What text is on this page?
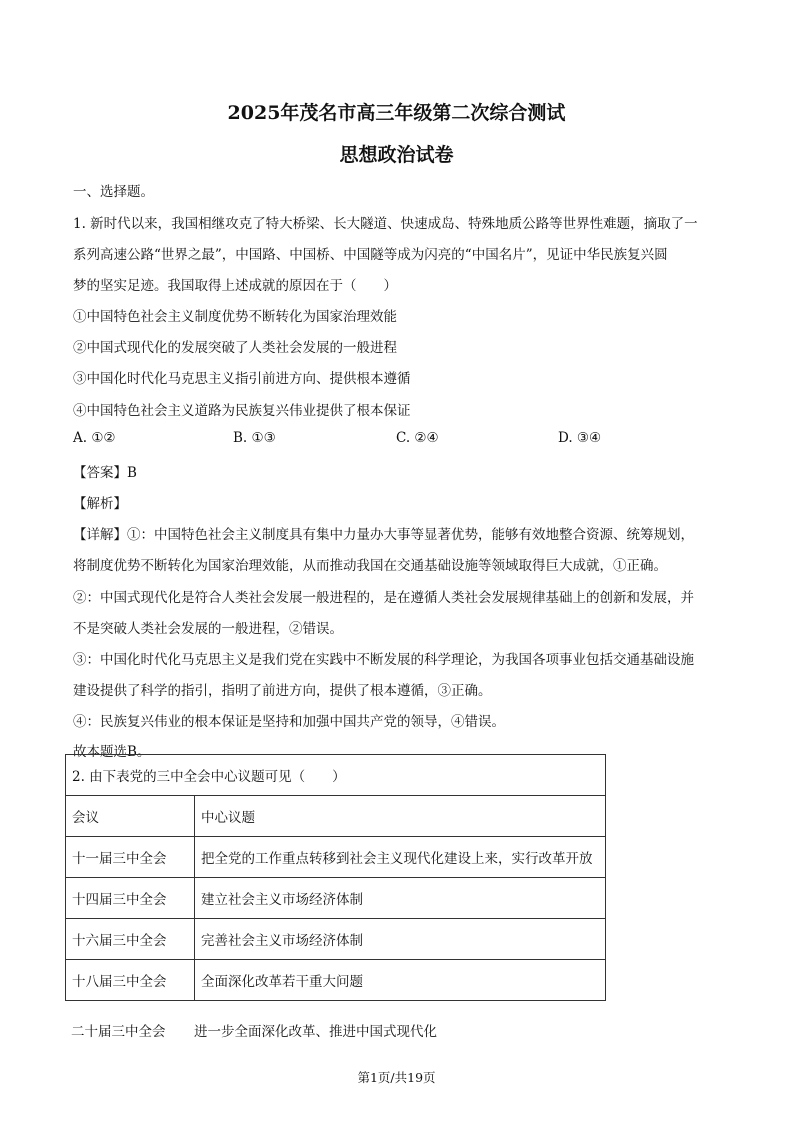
2025年茂名市高三年级第二次综合测试
思想政治试卷
一、选择题。
1. 新时代以来，我国相继攻克了特大桥梁、长大隧道、快速成岛、特殊地质公路等世界性难题，摘取了一
系列高速公路“世界之最”，中国路、中国桥、中国隧等成为闪亮的“中国名片”，见证中华民族复兴圆
梦的坚实足迹。我国取得上述成就的原因在于（　　）
①中国特色社会主义制度优势不断转化为国家治理效能
②中国式现代化的发展突破了人类社会发展的一般进程
③中国化时代化马克思主义指引前进方向、提供根本遵循
④中国特色社会主义道路为民族复兴伟业提供了根本保证
A. ①②	B. ①③	C. ②④	D. ③④
【答案】B
【解析】
【详解】①：中国特色社会主义制度具有集中力量办大事等显著优势，能够有效地整合资源、统筹规划，
将制度优势不断转化为国家治理效能，从而推动我国在交通基础设施等领域取得巨大成就，①正确。
②：中国式现代化是符合人类社会发展一般进程的，是在遵循人类社会发展规律基础上的创新和发展，并
不是突破人类社会发展的一般进程，②错误。
③：中国化时代化马克思主义是我们党在实践中不断发展的科学理论，为我国各项事业包括交通基础设施
建设提供了科学的指引，指明了前进方向，提供了根本遵循，③正确。
④：民族复兴伟业的根本保证是坚持和加强中国共产党的领导，④错误。
故本题选B。
2. 由下表党的三中全会中心议题可见（　　）	
会议	中心议题
十一届三中全会	把全党的工作重点转移到社会主义现代化建设上来，实行改革开放
十四届三中全会	建立社会主义市场经济体制
十六届三中全会	完善社会主义市场经济体制
十八届三中全会	全面深化改革若干重大问题
二十届三中全会 进一步全面深化改革、推进中国式现代化
第1页/共19页
